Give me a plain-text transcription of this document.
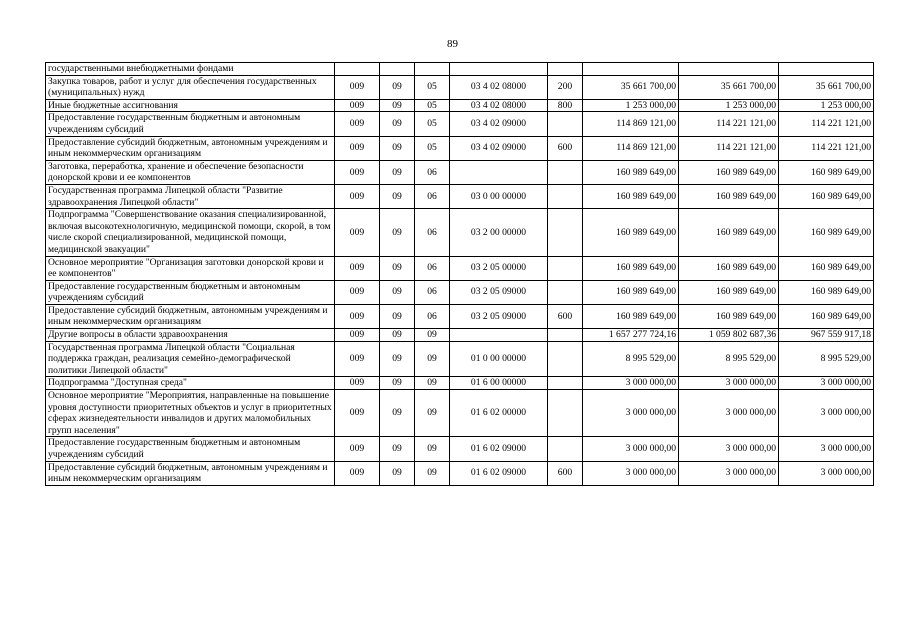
89
государственными внебюджетными фондами								
Закупка товаров, работ и услуг для обеспечения государственных (муниципальных) нужд	009	09	05	03 4 02 08000	200	35 661 700,00	35 661 700,00	35 661 700,00
Иные бюджетные ассигнования	009	09	05	03 4 02 08000	800	1 253 000,00	1 253 000,00	1 253 000,00
Предоставление государственным бюджетным и автономным учреждениям субсидий	009	09	05	03 4 02 09000		114 869 121,00	114 221 121,00	114 221 121,00
Предоставление субсидий бюджетным, автономным учреждениям и иным некоммерческим организациям	009	09	05	03 4 02 09000	600	114 869 121,00	114 221 121,00	114 221 121,00
Заготовка, переработка, хранение и обеспечение безопасности донорской крови и ее компонентов	009	09	06			160 989 649,00	160 989 649,00	160 989 649,00
Государственная программа Липецкой области "Развитие здравоохранения Липецкой области"	009	09	06	03 0 00 00000		160 989 649,00	160 989 649,00	160 989 649,00
Подпрограмма "Совершенствование оказания специализированной, включая высокотехнологичную, медицинской помощи, скорой, в том числе скорой специализированной, медицинской помощи, медицинской эвакуации"	009	09	06	03 2 00 00000		160 989 649,00	160 989 649,00	160 989 649,00
Основное мероприятие "Организация заготовки донорской крови и ее компонентов"	009	09	06	03 2 05 00000		160 989 649,00	160 989 649,00	160 989 649,00
Предоставление государственным бюджетным и автономным учреждениям субсидий	009	09	06	03 2 05 09000		160 989 649,00	160 989 649,00	160 989 649,00
Предоставление субсидий бюджетным, автономным учреждениям и иным некоммерческим организациям	009	09	06	03 2 05 09000	600	160 989 649,00	160 989 649,00	160 989 649,00
Другие вопросы в области здравоохранения	009	09	09			1 657 277 724,16	1 059 802 687,36	967 559 917,18
Государственная программа Липецкой области "Социальная поддержка граждан, реализация семейно-демографической политики Липецкой области"	009	09	09	01 0 00 00000		8 995 529,00	8 995 529,00	8 995 529,00
Подпрограмма "Доступная среда"	009	09	09	01 6 00 00000		3 000 000,00	3 000 000,00	3 000 000,00
Основное мероприятие "Мероприятия, направленные на повышение уровня доступности приоритетных объектов и услуг в приоритетных сферах жизнедеятельности инвалидов и других маломобильных групп населения"	009	09	09	01 6 02 00000		3 000 000,00	3 000 000,00	3 000 000,00
Предоставление государственным бюджетным и автономным учреждениям субсидий	009	09	09	01 6 02 09000		3 000 000,00	3 000 000,00	3 000 000,00
Предоставление субсидий бюджетным, автономным учреждениям и иным некоммерческим организациям	009	09	09	01 6 02 09000	600	3 000 000,00	3 000 000,00	3 000 000,00
